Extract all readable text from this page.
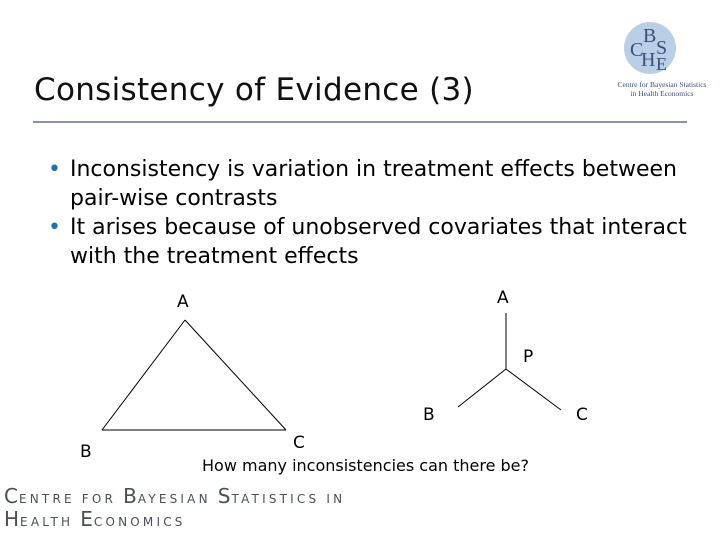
Consistency of Evidence (3)
C
B
H
S
E
Centre for Bayesian Statistics
in Health Economics
• Inconsistency is variation in treatment effects between pair-wise contrasts
• It arises because of unobserved covariates that interact with the treatment effects
A
B	C
A
P
B	C
How many inconsistencies can there be?
CENTRE FOR BAYESIAN STATISTICS IN
HEALTH ECONOMICS
